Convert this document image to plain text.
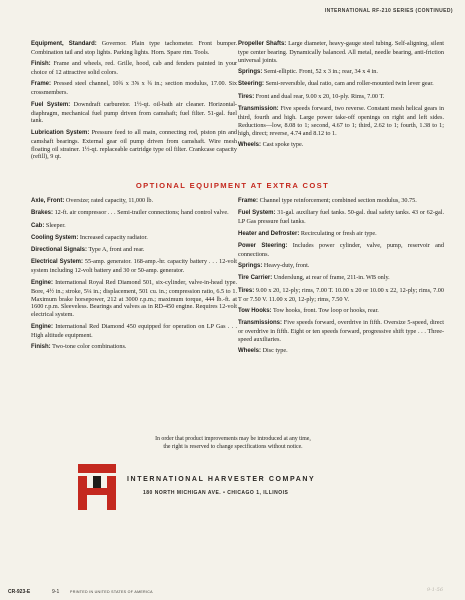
INTERNATIONAL RF-210 SERIES (CONTINUED)

Equipment, Standard: Governor. Plain type tachometer. Front bumper. Combination tail and stop lights. Parking lights. Horn. Spare rim. Tools.

Finish: Frame and wheels, red. Grille, hood, cab and fenders painted in your choice of 12 attractive solid colors.

Frame: Pressed steel channel, 10¾ x 3⅝ x ¾ in.; section modulus, 17.00. Six crossmembers.

Fuel System: Downdraft carburetor. 1½-qt. oil-bath air cleaner. Horizontal-diaphragm, mechanical fuel pump driven from camshaft; fuel filter. 51-gal. fuel tank.

Lubrication System: Pressure feed to all main, connecting rod, piston pin and camshaft bearings. External gear oil pump driven from camshaft. Wire mesh floating oil strainer. 1½-qt. replaceable cartridge type oil filter. Crankcase capacity (refill), 9 qt.

Propeller Shafts: Large diameter, heavy-gauge steel tubing. Self-aligning, silent type center bearing. Dynamically balanced. All metal, needle bearing, anti-friction universal joints.

Springs: Semi-elliptic. Front, 52 x 3 in.; rear, 34 x 4 in.

Steering: Semi-reversible, dual ratio, cam and roller-mounted twin lever gear.

Tires: Front and dual rear, 9.00 x 20, 10-ply. Rims, 7.00 T.

Transmission: Five speeds forward, two reverse. Constant mesh helical gears in third, fourth and high. Large power take-off openings on right and left sides. Reductions—low, 8.08 to 1; second, 4.67 to 1; third, 2.62 to 1; fourth, 1.38 to 1; high, direct; reverse, 4.74 and 8.12 to 1.

Wheels: Cast spoke type.

OPTIONAL EQUIPMENT AT EXTRA COST

Axle, Front: Oversize; rated capacity, 11,000 lb.

Brakes: 12-ft. air compressor . . . Semi-trailer connections; hand control valve.

Cab: Sleeper.

Cooling System: Increased capacity radiator.

Directional Signals: Type A, front and rear.

Electrical System: 55-amp. generator. 168-amp.-hr. capacity battery . . . 12-volt system including 12-volt battery and 30 or 50-amp. generator.

Engine: International Royal Red Diamond 501, six-cylinder, valve-in-head type. Bore, 4½ in.; stroke, 5¼ in.; displacement, 501 cu. in.; compression ratio, 6.5 to 1. Maximum brake horsepower, 212 at 3000 r.p.m.; maximum torque, 444 lb.-ft. at 1600 r.p.m. Sleeveless. Bearings and valves as in RD-450 engine. Requires 12-volt electrical system.

Engine: International Red Diamond 450 equipped for operation on LP Gas . . . High altitude equipment.

Finish: Two-tone color combinations.

Frame: Channel type reinforcement; combined section modulus, 30.75.

Fuel System: 31-gal. auxiliary fuel tanks. 50-gal. dual safety tanks. 43 or 62-gal. LP Gas pressure fuel tanks.

Heater and Defroster: Recirculating or fresh air type.

Power Steering: Includes power cylinder, valve, pump, reservoir and connections.

Springs: Heavy-duty, front.

Tire Carrier: Underslung, at rear of frame, 211-in. WB only.

Tires: 9.00 x 20, 12-ply; rims, 7.00 T. 10.00 x 20 or 10.00 x 22, 12-ply; rims, 7.00 T or 7.50 V. 11.00 x 20, 12-ply; rims, 7.50 V.

Tow Hooks: Tow hooks, front. Tow loop or hooks, rear.

Transmissions: Five speeds forward, overdrive in fifth. Oversize 5-speed, direct or overdrive in fifth. Eight or ten speeds forward, progressive shift type . . . Three-speed auxiliaries.

Wheels: Disc type.

In order that product improvements may be introduced at any time,
the right is reserved to change specifications without notice.
INTERNATIONAL HARVESTER COMPANY
180 NORTH MICHIGAN AVE. • CHICAGO 1, ILLINOIS
CR-923-E	9-1	PRINTED IN UNITED STATES OF AMERICA	9-1-56
